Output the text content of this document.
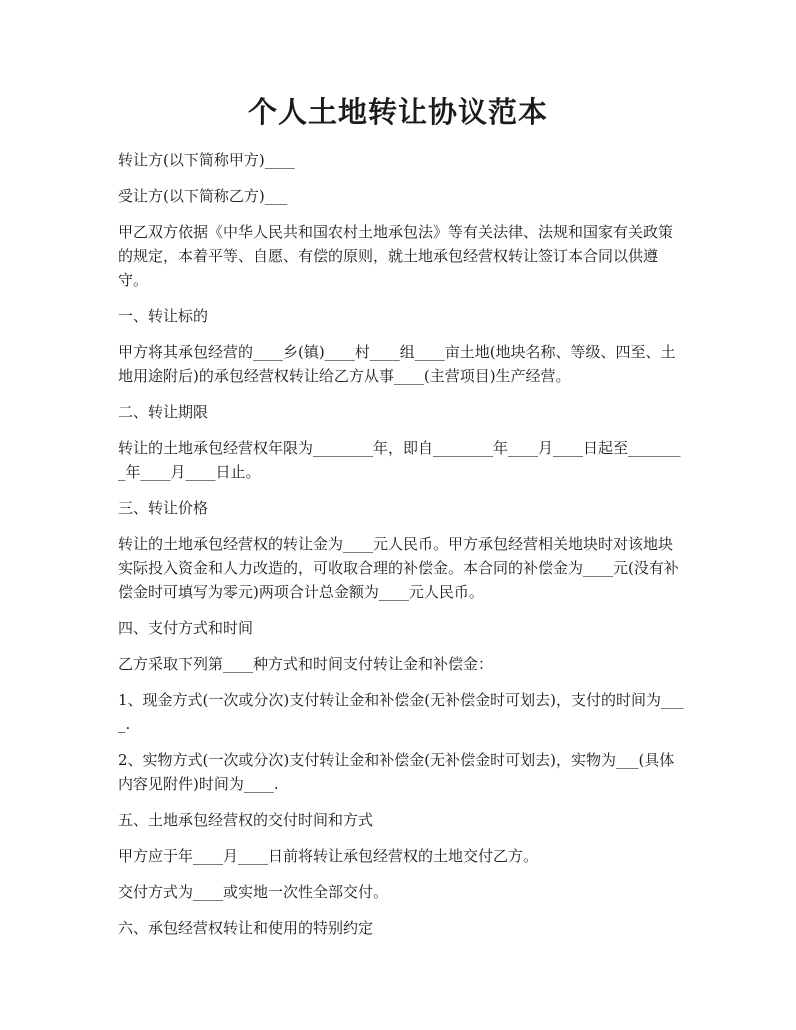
个人土地转让协议范本

转让方(以下简称甲方)____

受让方(以下简称乙方)___

甲乙双方依据《中华人民共和国农村土地承包法》等有关法律、法规和国家有关政策的规定，本着平等、自愿、有偿的原则，就土地承包经营权转让签订本合同以供遵守。

一、转让标的

甲方将其承包经营的____乡(镇)____村____组____亩土地(地块名称、等级、四至、土地用途附后)的承包经营权转让给乙方从事____(主营项目)生产经营。

二、转让期限

转让的土地承包经营权年限为________年，即自________年____月____日起至________年____月____日止。

三、转让价格

转让的土地承包经营权的转让金为____元人民币。甲方承包经营相关地块时对该地块实际投入资金和人力改造的，可收取合理的补偿金。本合同的补偿金为____元(没有补偿金时可填写为零元)两项合计总金额为____元人民币。

四、支付方式和时间

乙方采取下列第____种方式和时间支付转让金和补偿金：

1、现金方式(一次或分次)支付转让金和补偿金(无补偿金时可划去)，支付的时间为____.

2、实物方式(一次或分次)支付转让金和补偿金(无补偿金时可划去)，实物为___(具体内容见附件)时间为____.

五、土地承包经营权的交付时间和方式

甲方应于年____月____日前将转让承包经营权的土地交付乙方。

交付方式为____或实地一次性全部交付。

六、承包经营权转让和使用的特别约定
